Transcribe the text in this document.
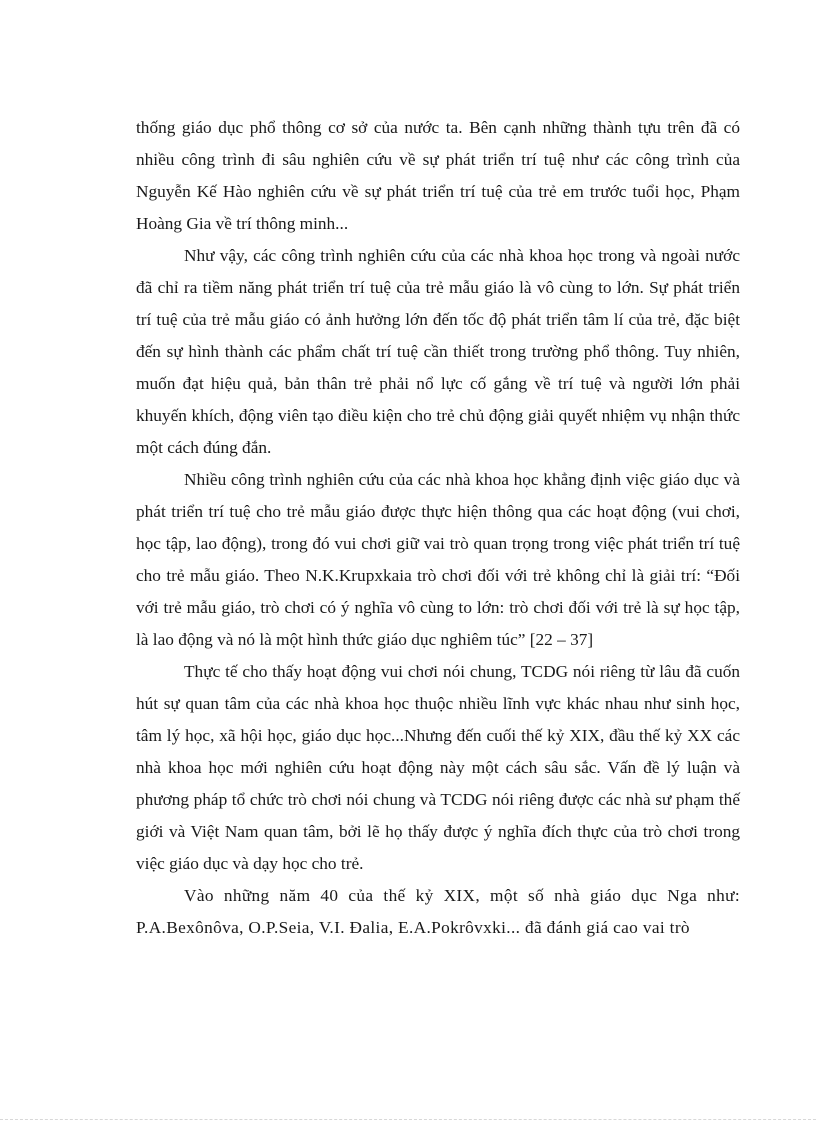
thống giáo dục phổ thông cơ sở của nước ta. Bên cạnh những thành tựu trên đã có nhiều công trình đi sâu nghiên cứu về sự phát triển trí tuệ như các công trình của Nguyễn Kế Hào nghiên cứu về sự phát triển trí tuệ của trẻ em trước tuổi học, Phạm Hoàng Gia về trí thông minh...

Như vậy, các công trình nghiên cứu của các nhà khoa học trong và ngoài nước đã chỉ ra tiềm năng phát triển trí tuệ của trẻ mẫu giáo là vô cùng to lớn. Sự phát triển trí tuệ của trẻ mẫu giáo có ảnh hưởng lớn đến tốc độ phát triển tâm lí của trẻ, đặc biệt đến sự hình thành các phẩm chất trí tuệ cần thiết trong trường phổ thông. Tuy nhiên, muốn đạt hiệu quả, bản thân trẻ phải nổ lực cố gắng về trí tuệ và người lớn phải khuyến khích, động viên tạo điều kiện cho trẻ chủ động giải quyết nhiệm vụ nhận thức một cách đúng đắn.

Nhiều công trình nghiên cứu của các nhà khoa học khẳng định việc giáo dục và phát triển trí tuệ cho trẻ mẫu giáo được thực hiện thông qua các hoạt động (vui chơi, học tập, lao động), trong đó vui chơi giữ vai trò quan trọng trong việc phát triển trí tuệ cho trẻ mẫu giáo. Theo N.K.Krupxkaia trò chơi đối với trẻ không chỉ là giải trí: “Đối với trẻ mẫu giáo, trò chơi có ý nghĩa vô cùng to lớn: trò chơi đối với trẻ là sự học tập, là lao động và nó là một hình thức giáo dục nghiêm túc” [22 – 37]

Thực tế cho thấy hoạt động vui chơi nói chung, TCDG nói riêng từ lâu đã cuốn hút sự quan tâm của các nhà khoa học thuộc nhiều lĩnh vực khác nhau như sinh học, tâm lý học, xã hội học, giáo dục học...Nhưng đến cuối thế kỷ XIX, đầu thế kỷ XX các nhà khoa học mới nghiên cứu hoạt động này một cách sâu sắc. Vấn đề lý luận và phương pháp tổ chức trò chơi nói chung và TCDG nói riêng được các nhà sư phạm thế giới và Việt Nam quan tâm, bởi lẽ họ thấy được ý nghĩa đích thực của trò chơi trong việc giáo dục và dạy học cho trẻ.

Vào những năm 40 của thế kỷ XIX, một số nhà giáo dục Nga như: P.A.Bexônôva, O.P.Seia, V.I. Đalia, E.A.Pokrôvxki... đã đánh giá cao vai trò
